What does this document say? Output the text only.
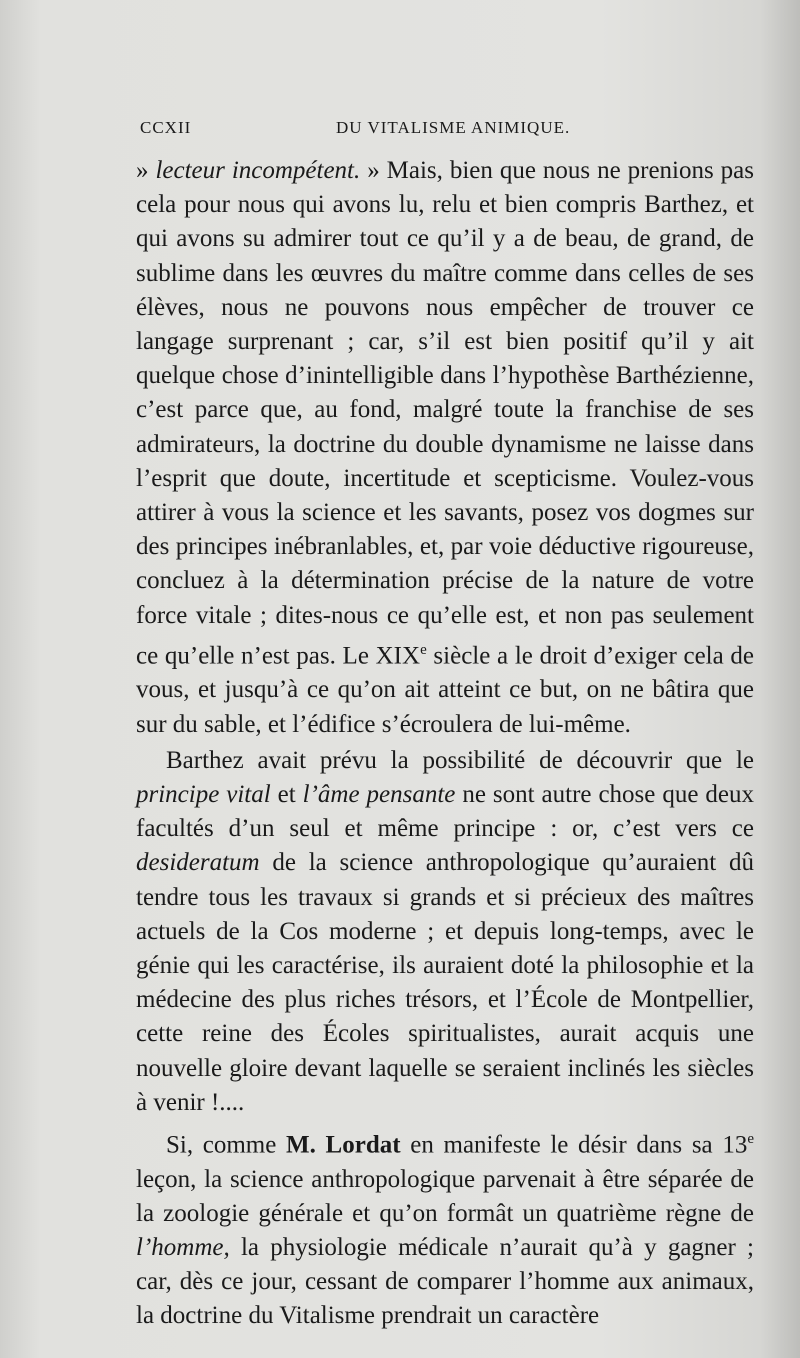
CCXII	DU VITALISME ANIMIQUE.

» lecteur incompétent. » Mais, bien que nous ne prenions pas cela pour nous qui avons lu, relu et bien compris Barthez, et qui avons su admirer tout ce qu’il y a de beau, de grand, de sublime dans les œuvres du maître comme dans celles de ses élèves, nous ne pouvons nous empêcher de trouver ce langage surprenant ; car, s’il est bien positif qu’il y ait quelque chose d’inintelligible dans l’hypothèse Barthézienne, c’est parce que, au fond, malgré toute la franchise de ses admirateurs, la doctrine du double dynamisme ne laisse dans l’esprit que doute, incertitude et scepticisme. Voulez-vous attirer à vous la science et les savants, posez vos dogmes sur des principes inébranlables, et, par voie déductive rigoureuse, concluez à la détermination précise de la nature de votre force vitale ; dites-nous ce qu’elle est, et non pas seulement ce qu’elle n’est pas. Le XIXe siècle a le droit d’exiger cela de vous, et jusqu’à ce qu’on ait atteint ce but, on ne bâtira que sur du sable, et l’édifice s’écroulera de lui-même.

Barthez avait prévu la possibilité de découvrir que le principe vital et l’âme pensante ne sont autre chose que deux facultés d’un seul et même principe : or, c’est vers ce desideratum de la science anthropologique qu’auraient dû tendre tous les travaux si grands et si précieux des maîtres actuels de la Cos moderne ; et depuis long-temps, avec le génie qui les caractérise, ils auraient doté la philosophie et la médecine des plus riches trésors, et l’École de Montpellier, cette reine des Écoles spiritualistes, aurait acquis une nouvelle gloire devant laquelle se seraient inclinés les siècles à venir !....

Si, comme M. Lordat en manifeste le désir dans sa 13e leçon, la science anthropologique parvenait à être séparée de la zoologie générale et qu’on formât un quatrième règne de l’homme, la physiologie médicale n’aurait qu’à y gagner ; car, dès ce jour, cessant de comparer l’homme aux animaux, la doctrine du Vitalisme prendrait un caractère
